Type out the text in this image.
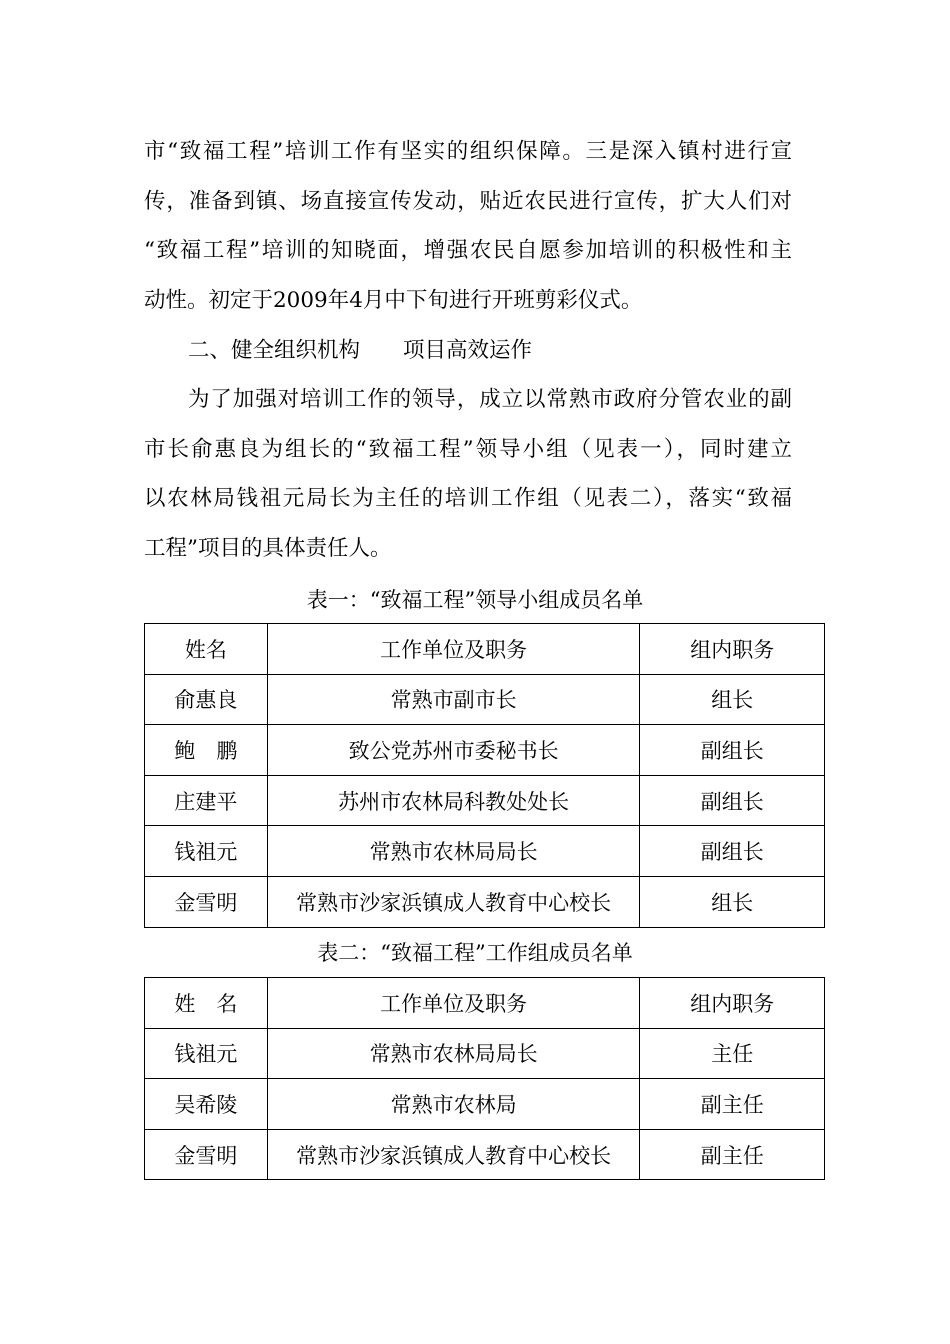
市“致福工程”培训工作有坚实的组织保障。三是深入镇村进行宣
传，准备到镇、场直接宣传发动，贴近农民进行宣传，扩大人们对
“致福工程”培训的知晓面，增强农民自愿参加培训的积极性和主
动性。初定于2009年4月中下旬进行开班剪彩仪式。

二、健全组织机构　　项目高效运作

为了加强对培训工作的领导，成立以常熟市政府分管农业的副
市长俞惠良为组长的“致福工程”领导小组（见表一），同时建立
以农林局钱祖元局长为主任的培训工作组（见表二），落实“致福
工程”项目的具体责任人。

表一：“致福工程”领导小组成员名单

姓名	工作单位及职务	组内职务
俞惠良	常熟市副市长	组长
鲍　鹏	致公党苏州市委秘书长	副组长
庄建平	苏州市农林局科教处处长	副组长
钱祖元	常熟市农林局局长	副组长
金雪明	常熟市沙家浜镇成人教育中心校长	组长

表二：“致福工程”工作组成员名单

姓　名	工作单位及职务	组内职务
钱祖元	常熟市农林局局长	主任
吴希陵	常熟市农林局	副主任
金雪明	常熟市沙家浜镇成人教育中心校长	副主任
